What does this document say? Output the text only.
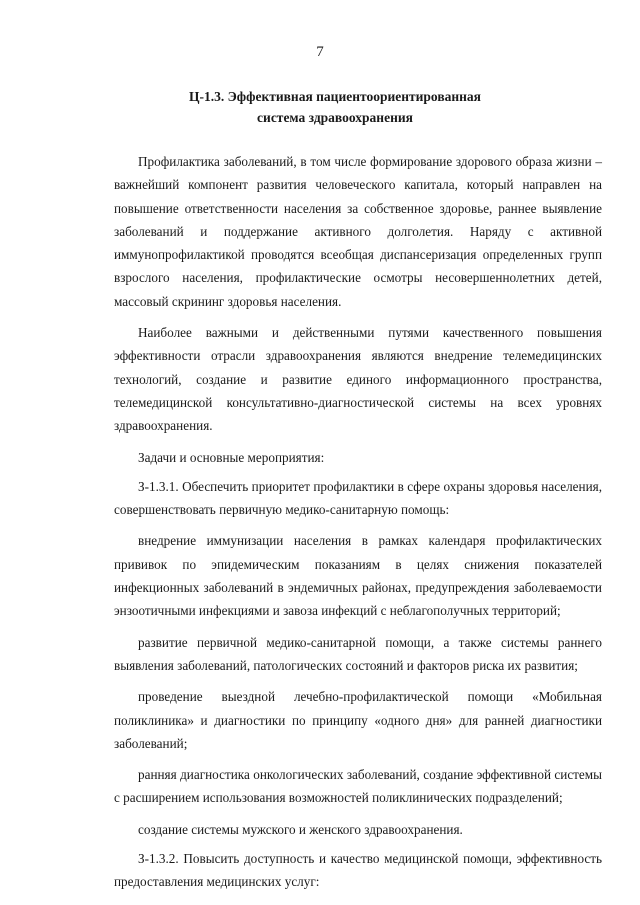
7
Ц-1.3. Эффективная пациентоориентированная
система здравоохранения

Профилактика заболеваний, в том числе формирование здорового образа жизни – важнейший компонент развития человеческого капитала, который направлен на повышение ответственности населения за собственное здоровье, раннее выявление заболеваний и поддержание активного долголетия. Наряду с активной иммунопрофилактикой проводятся всеобщая диспансеризация определенных групп взрослого населения, профилактические осмотры несовершеннолетних детей, массовый скрининг здоровья населения.

Наиболее важными и действенными путями качественного повышения эффективности отрасли здравоохранения являются внедрение телемедицинских технологий, создание и развитие единого информационного пространства, телемедицинской консультативно-диагностической системы на всех уровнях здравоохранения.

Задачи и основные мероприятия:

З-1.3.1. Обеспечить приоритет профилактики в сфере охраны здоровья населения, совершенствовать первичную медико-санитарную помощь:

внедрение иммунизации населения в рамках календаря профилактических прививок по эпидемическим показаниям в целях снижения показателей инфекционных заболеваний в эндемичных районах, предупреждения заболеваемости энзоотичными инфекциями и завоза инфекций с неблагополучных территорий;

развитие первичной медико-санитарной помощи, а также системы раннего выявления заболеваний, патологических состояний и факторов риска их развития;

проведение выездной лечебно-профилактической помощи «Мобильная поликлиника» и диагностики по принципу «одного дня» для ранней диагностики заболеваний;

ранняя диагностика онкологических заболеваний, создание эффективной системы с расширением использования возможностей поликлинических подразделений;

создание системы мужского и женского здравоохранения.

З-1.3.2. Повысить доступность и качество медицинской помощи, эффективность предоставления медицинских услуг:
